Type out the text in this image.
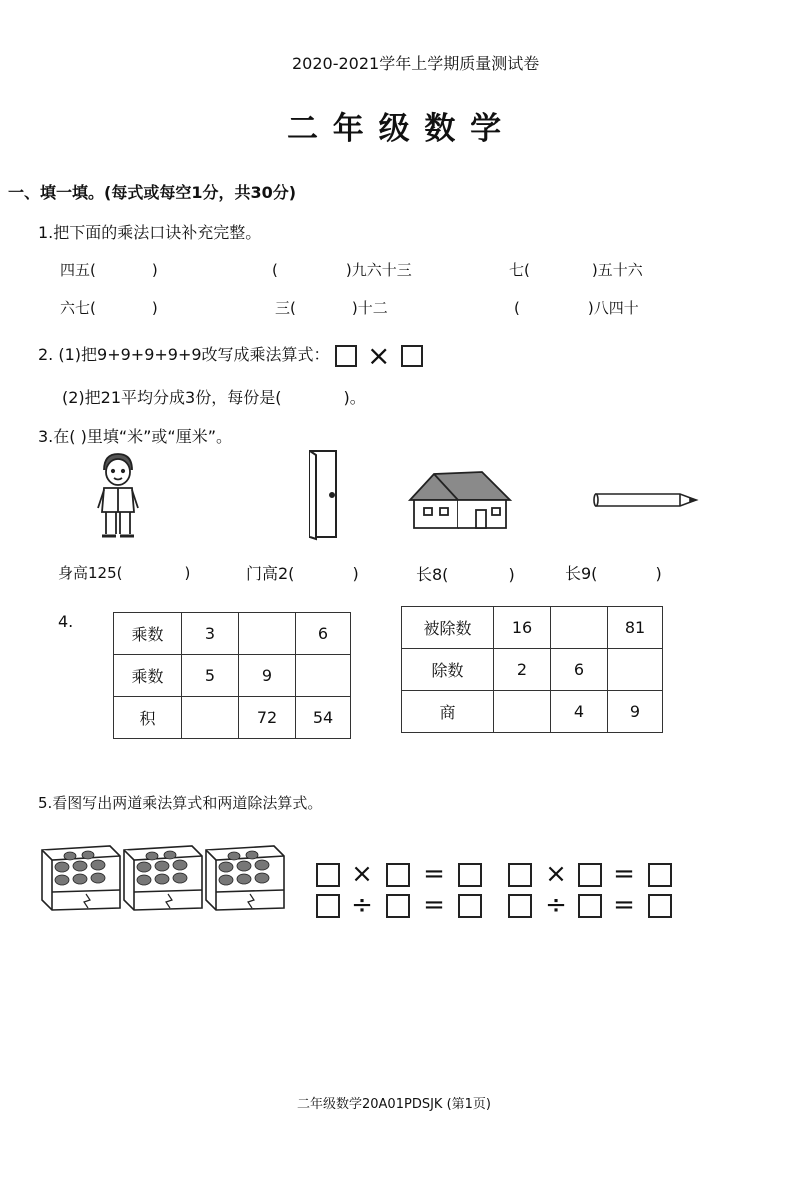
2020-2021学年上学期质量测试卷
二 年 级 数 学
一、填一填。(每式或每空1分，共30分)
1.把下面的乘法口诀补充完整。
四五(	)	(	)九六十三	七(	)五十六
六七(	)	三(	)十二	(	)八四十
2. (1)把9+9+9+9+9改写成乘法算式： ×
(2)把21平均分成3份，每份是(	)。
3.在( )里填“米”或“厘米”。
身高125(	)	门高2(	)	长8(	)	长9(	)
4.
乘数	3		6
乘数	5	9	
积		72	54
被除数	16		81
除数	2	6	
商		4	9
5.看图写出两道乘法算式和两道除法算式。
× =	× =
÷ =	÷ =
二年级数学20A01PDSJK (第1页)
